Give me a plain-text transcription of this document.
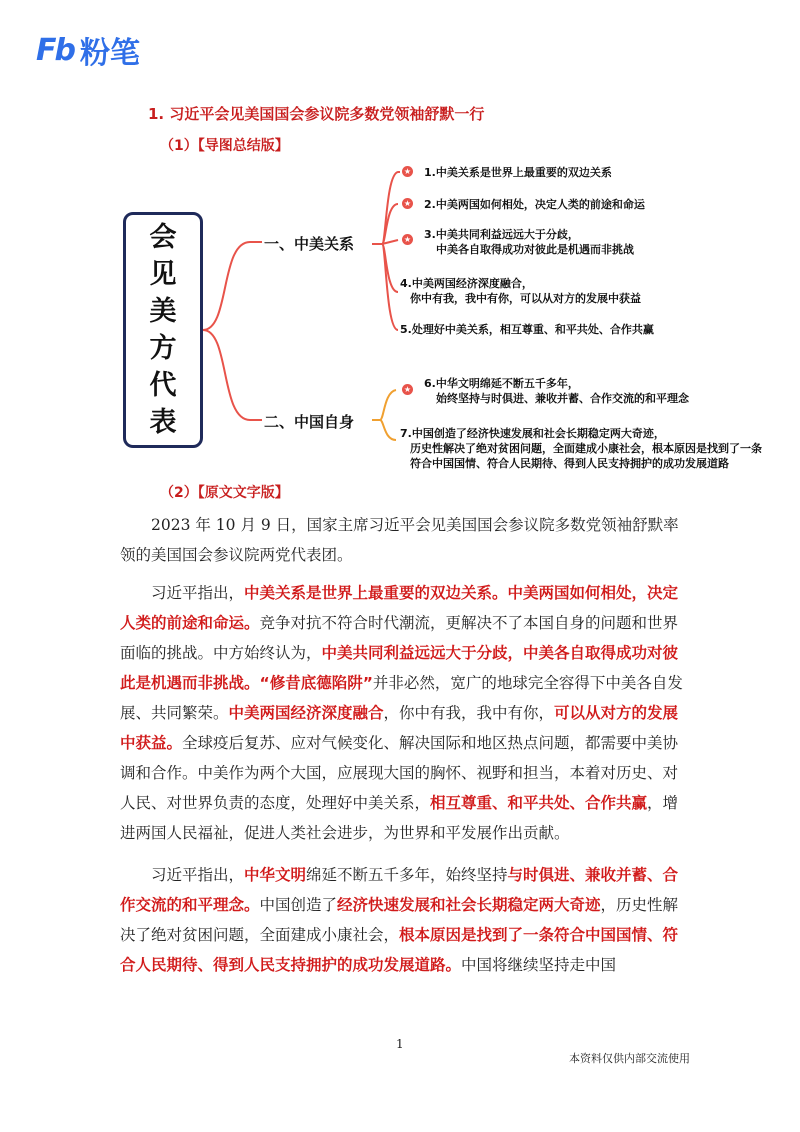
Fb 粉笔
1. 习近平会见美国国会参议院多数党领袖舒默一行
（1）【导图总结版】
会
见
美
方
代
表
一、中美关系
二、中国自身
★ 1.中美关系是世界上最重要的双边关系
★ 2.中美两国如何相处，决定人类的前途和命运
★ 3.中美共同利益远远大于分歧，
中美各自取得成功对彼此是机遇而非挑战
4.中美两国经济深度融合，
你中有我，我中有你，可以从对方的发展中获益
5.处理好中美关系，相互尊重、和平共处、合作共赢
★ 6.中华文明绵延不断五千多年，
始终坚持与时俱进、兼收并蓄、合作交流的和平理念
7.中国创造了经济快速发展和社会长期稳定两大奇迹，
历史性解决了绝对贫困问题，全面建成小康社会，根本原因是找到了一条
符合中国国情、符合人民期待、得到人民支持拥护的成功发展道路
（2）【原文文字版】

2023 年 10 月 9 日，国家主席习近平会见美国国会参议院多数党领袖舒默率领的美国国会参议院两党代表团。

习近平指出，中美关系是世界上最重要的双边关系。中美两国如何相处，决定人类的前途和命运。竞争对抗不符合时代潮流，更解决不了本国自身的问题和世界面临的挑战。中方始终认为，中美共同利益远远大于分歧，中美各自取得成功对彼此是机遇而非挑战。“修昔底德陷阱”并非必然，宽广的地球完全容得下中美各自发展、共同繁荣。中美两国经济深度融合，你中有我，我中有你，可以从对方的发展中获益。全球疫后复苏、应对气候变化、解决国际和地区热点问题，都需要中美协调和合作。中美作为两个大国，应展现大国的胸怀、视野和担当，本着对历史、对人民、对世界负责的态度，处理好中美关系，相互尊重、和平共处、合作共赢，增进两国人民福祉，促进人类社会进步，为世界和平发展作出贡献。

习近平指出，中华文明绵延不断五千多年，始终坚持与时俱进、兼收并蓄、合作交流的和平理念。中国创造了经济快速发展和社会长期稳定两大奇迹，历史性解决了绝对贫困问题，全面建成小康社会，根本原因是找到了一条符合中国国情、符合人民期待、得到人民支持拥护的成功发展道路。中国将继续坚持走中国

1
本资料仅供内部交流使用
